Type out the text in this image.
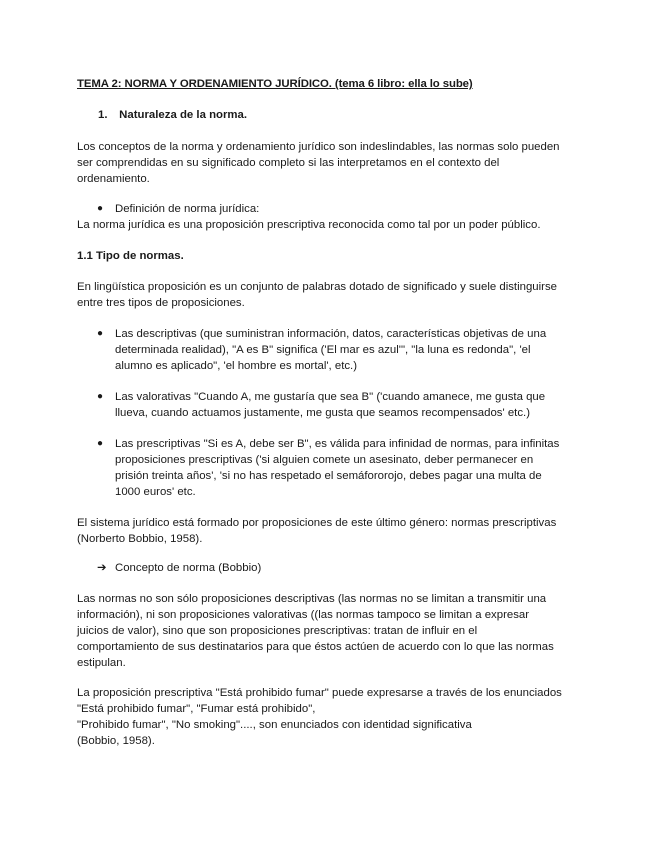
TEMA 2: NORMA Y ORDENAMIENTO JURÍDICO. (tema 6 libro: ella lo sube)
1. Naturaleza de la norma.
Los conceptos de la norma y ordenamiento jurídico son indeslindables, las normas solo pueden
ser comprendidas en su significado completo si las interpretamos en el contexto del
ordenamiento.
●	Definición de norma jurídica:
La norma jurídica es una proposición prescriptiva reconocida como tal por un poder público.
1.1 Tipo de normas.
En lingüística proposición es un conjunto de palabras dotado de significado y suele distinguirse
entre tres tipos de proposiciones.
●	Las descriptivas (que suministran información, datos, características objetivas de una
determinada realidad), "A es B" significa ('El mar es azul'", "la luna es redonda", 'el
alumno es aplicado", 'el hombre es mortal', etc.)
●	Las valorativas "Cuando A, me gustaría que sea B" ('cuando amanece, me gusta que
llueva, cuando actuamos justamente, me gusta que seamos recompensados' etc.)
●	Las prescriptivas "Si es A, debe ser B", es válida para infinidad de normas, para infinitas
proposiciones prescriptivas ('si alguien comete un asesinato, deber permanecer en
prisión treinta años', 'si no has respetado el semáfororojo, debes pagar una multa de
1000 euros' etc.
El sistema jurídico está formado por proposiciones de este último género: normas prescriptivas
(Norberto Bobbio, 1958).
➔ Concepto de norma (Bobbio)
Las normas no son sólo proposiciones descriptivas (las normas no se limitan a transmitir una
información), ni son proposiciones valorativas ((las normas tampoco se limitan a expresar
juicios de valor), sino que son proposiciones prescriptivas: tratan de influir en el
comportamiento de sus destinatarios para que éstos actúen de acuerdo con lo que las normas
estipulan.
La proposición prescriptiva "Está prohibido fumar" puede expresarse a través de los enunciados
"Está prohibido fumar", "Fumar está prohibido",
"Prohibido fumar", "No smoking"...., son enunciados con identidad significativa
(Bobbio, 1958).
